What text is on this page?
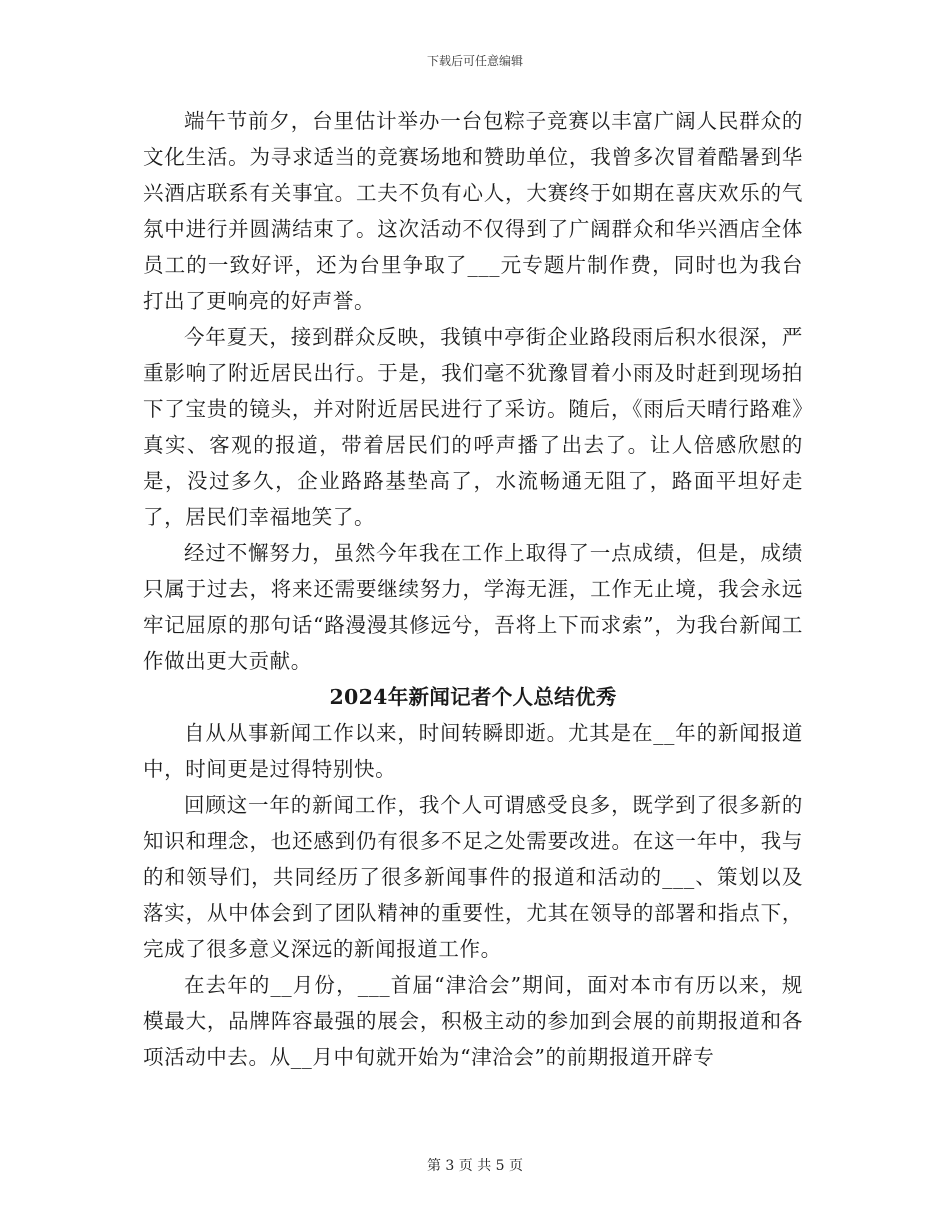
下载后可任意编辑

端午节前夕，台里估计举办一台包粽子竞赛以丰富广阔人民群众的文化生活。为寻求适当的竞赛场地和赞助单位，我曾多次冒着酷暑到华兴酒店联系有关事宜。工夫不负有心人，大赛终于如期在喜庆欢乐的气氛中进行并圆满结束了。这次活动不仅得到了广阔群众和华兴酒店全体员工的一致好评，还为台里争取了___元专题片制作费，同时也为我台打出了更响亮的好声誉。

今年夏天，接到群众反映，我镇中亭街企业路段雨后积水很深，严重影响了附近居民出行。于是，我们毫不犹豫冒着小雨及时赶到现场拍下了宝贵的镜头，并对附近居民进行了采访。随后，《雨后天晴行路难》真实、客观的报道，带着居民们的呼声播了出去了。让人倍感欣慰的是，没过多久，企业路路基垫高了，水流畅通无阻了，路面平坦好走了，居民们幸福地笑了。

经过不懈努力，虽然今年我在工作上取得了一点成绩，但是，成绩只属于过去，将来还需要继续努力，学海无涯，工作无止境，我会永远牢记屈原的那句话“路漫漫其修远兮，吾将上下而求索”，为我台新闻工作做出更大贡献。

2024年新闻记者个人总结优秀

自从从事新闻工作以来，时间转瞬即逝。尤其是在__年的新闻报道中，时间更是过得特别快。

回顾这一年的新闻工作，我个人可谓感受良多，既学到了很多新的知识和理念，也还感到仍有很多不足之处需要改进。在这一年中，我与的和领导们，共同经历了很多新闻事件的报道和活动的___、策划以及落实，从中体会到了团队精神的重要性，尤其在领导的部署和指点下，完成了很多意义深远的新闻报道工作。

在去年的__月份，___首届“津洽会”期间，面对本市有历以来，规模最大，品牌阵容最强的展会，积极主动的参加到会展的前期报道和各项活动中去。从__月中旬就开始为“津洽会”的前期报道开辟专

第 3 页 共 5 页
